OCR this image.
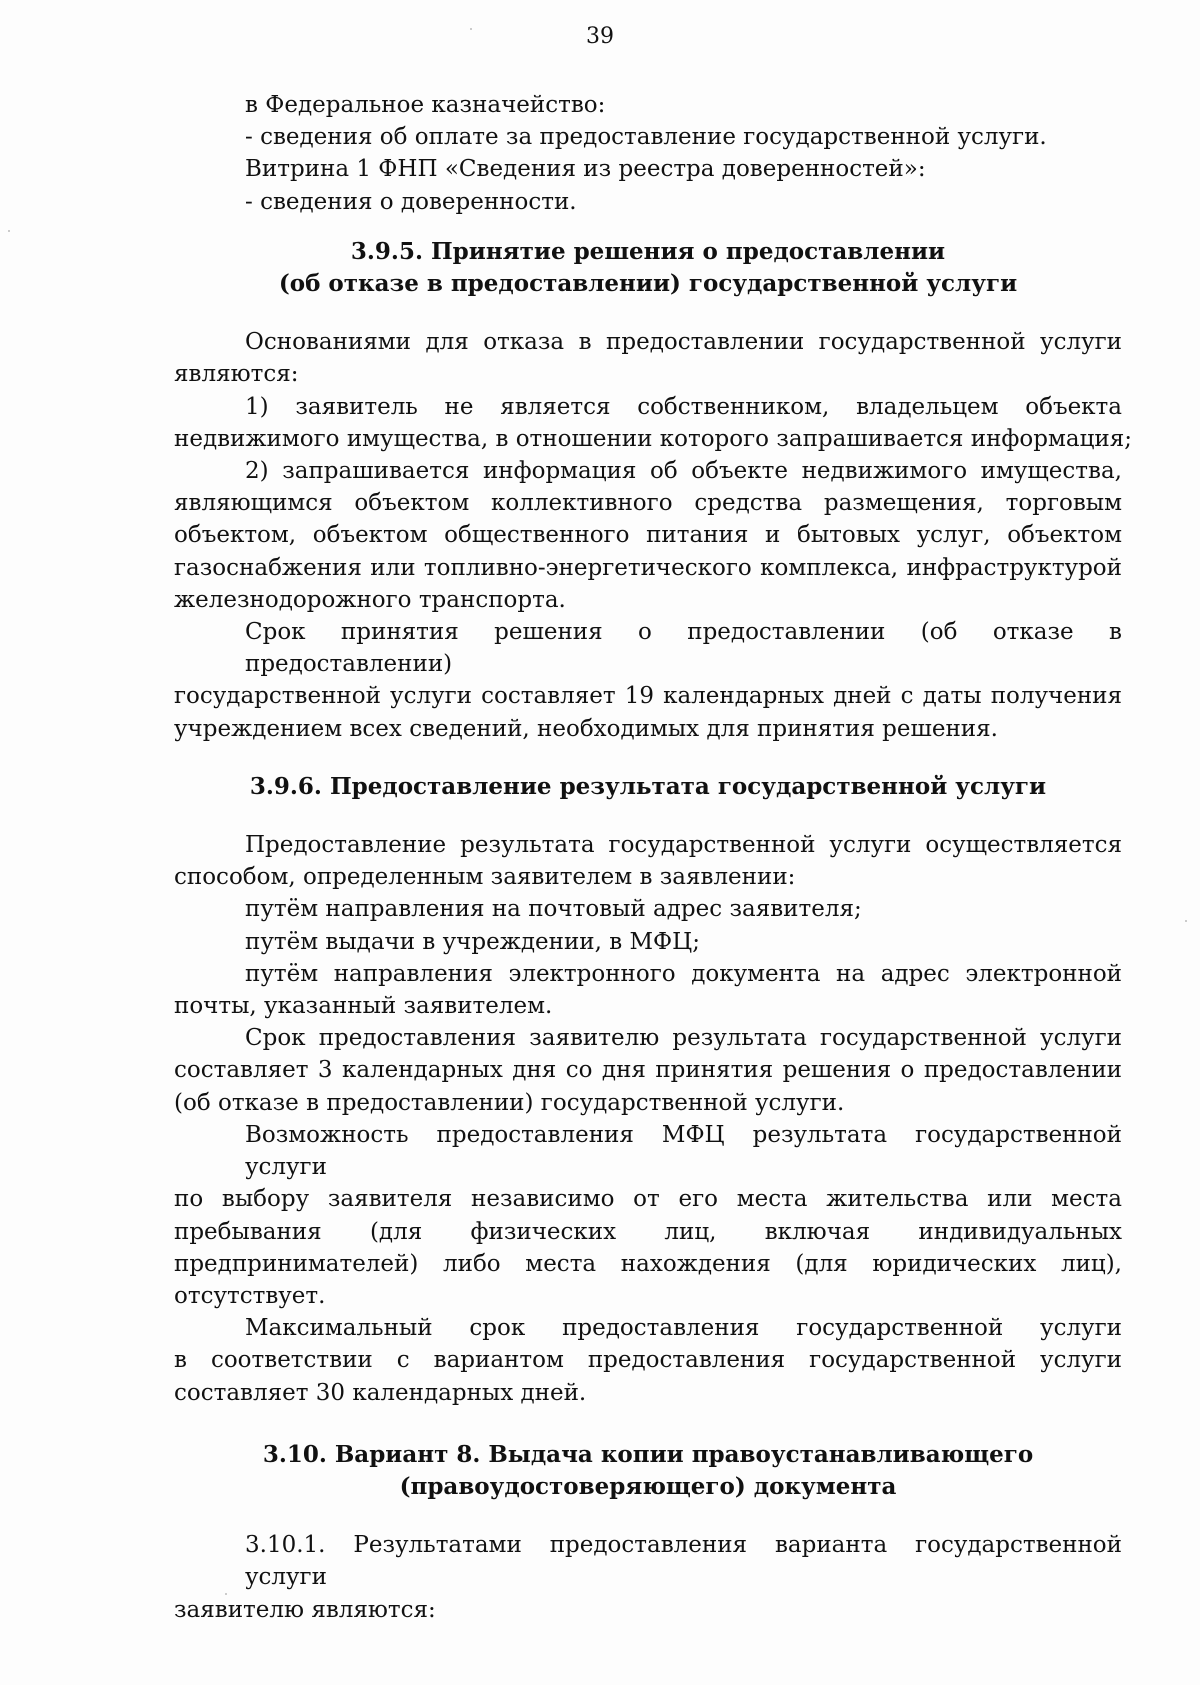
39
в Федеральное казначейство:
- сведения об оплате за предоставление государственной услуги.
Витрина 1 ФНП «Сведения из реестра доверенностей»:
- сведения о доверенности.
3.9.5. Принятие решения о предоставлении
(об отказе в предоставлении) государственной услуги
Основаниями для отказа в предоставлении государственной услуги
являются:
1) заявитель не является собственником, владельцем объекта
недвижимого имущества, в отношении которого запрашивается информация;
2) запрашивается информация об объекте недвижимого имущества,
являющимся объектом коллективного средства размещения, торговым
объектом, объектом общественного питания и бытовых услуг, объектом
газоснабжения или топливно-энергетического комплекса, инфраструктурой
железнодорожного транспорта.
Срок принятия решения о предоставлении (об отказе в предоставлении)
государственной услуги составляет 19 календарных дней с даты получения
учреждением всех сведений, необходимых для принятия решения.
3.9.6. Предоставление результата государственной услуги
Предоставление результата государственной услуги осуществляется
способом, определенным заявителем в заявлении:
путём направления на почтовый адрес заявителя;
путём выдачи в учреждении, в МФЦ;
путём направления электронного документа на адрес электронной
почты, указанный заявителем.
Срок предоставления заявителю результата государственной услуги
составляет 3 календарных дня со дня принятия решения о предоставлении
(об отказе в предоставлении) государственной услуги.
Возможность предоставления МФЦ результата государственной услуги
по выбору заявителя независимо от его места жительства или места
пребывания (для физических лиц, включая индивидуальных
предпринимателей) либо места нахождения (для юридических лиц),
отсутствует.
Максимальный срок предоставления государственной услуги
в соответствии с вариантом предоставления государственной услуги
составляет 30 календарных дней.
3.10. Вариант 8. Выдача копии правоустанавливающего
(правоудостоверяющего) документа
3.10.1. Результатами предоставления варианта государственной услуги
заявителю являются:
